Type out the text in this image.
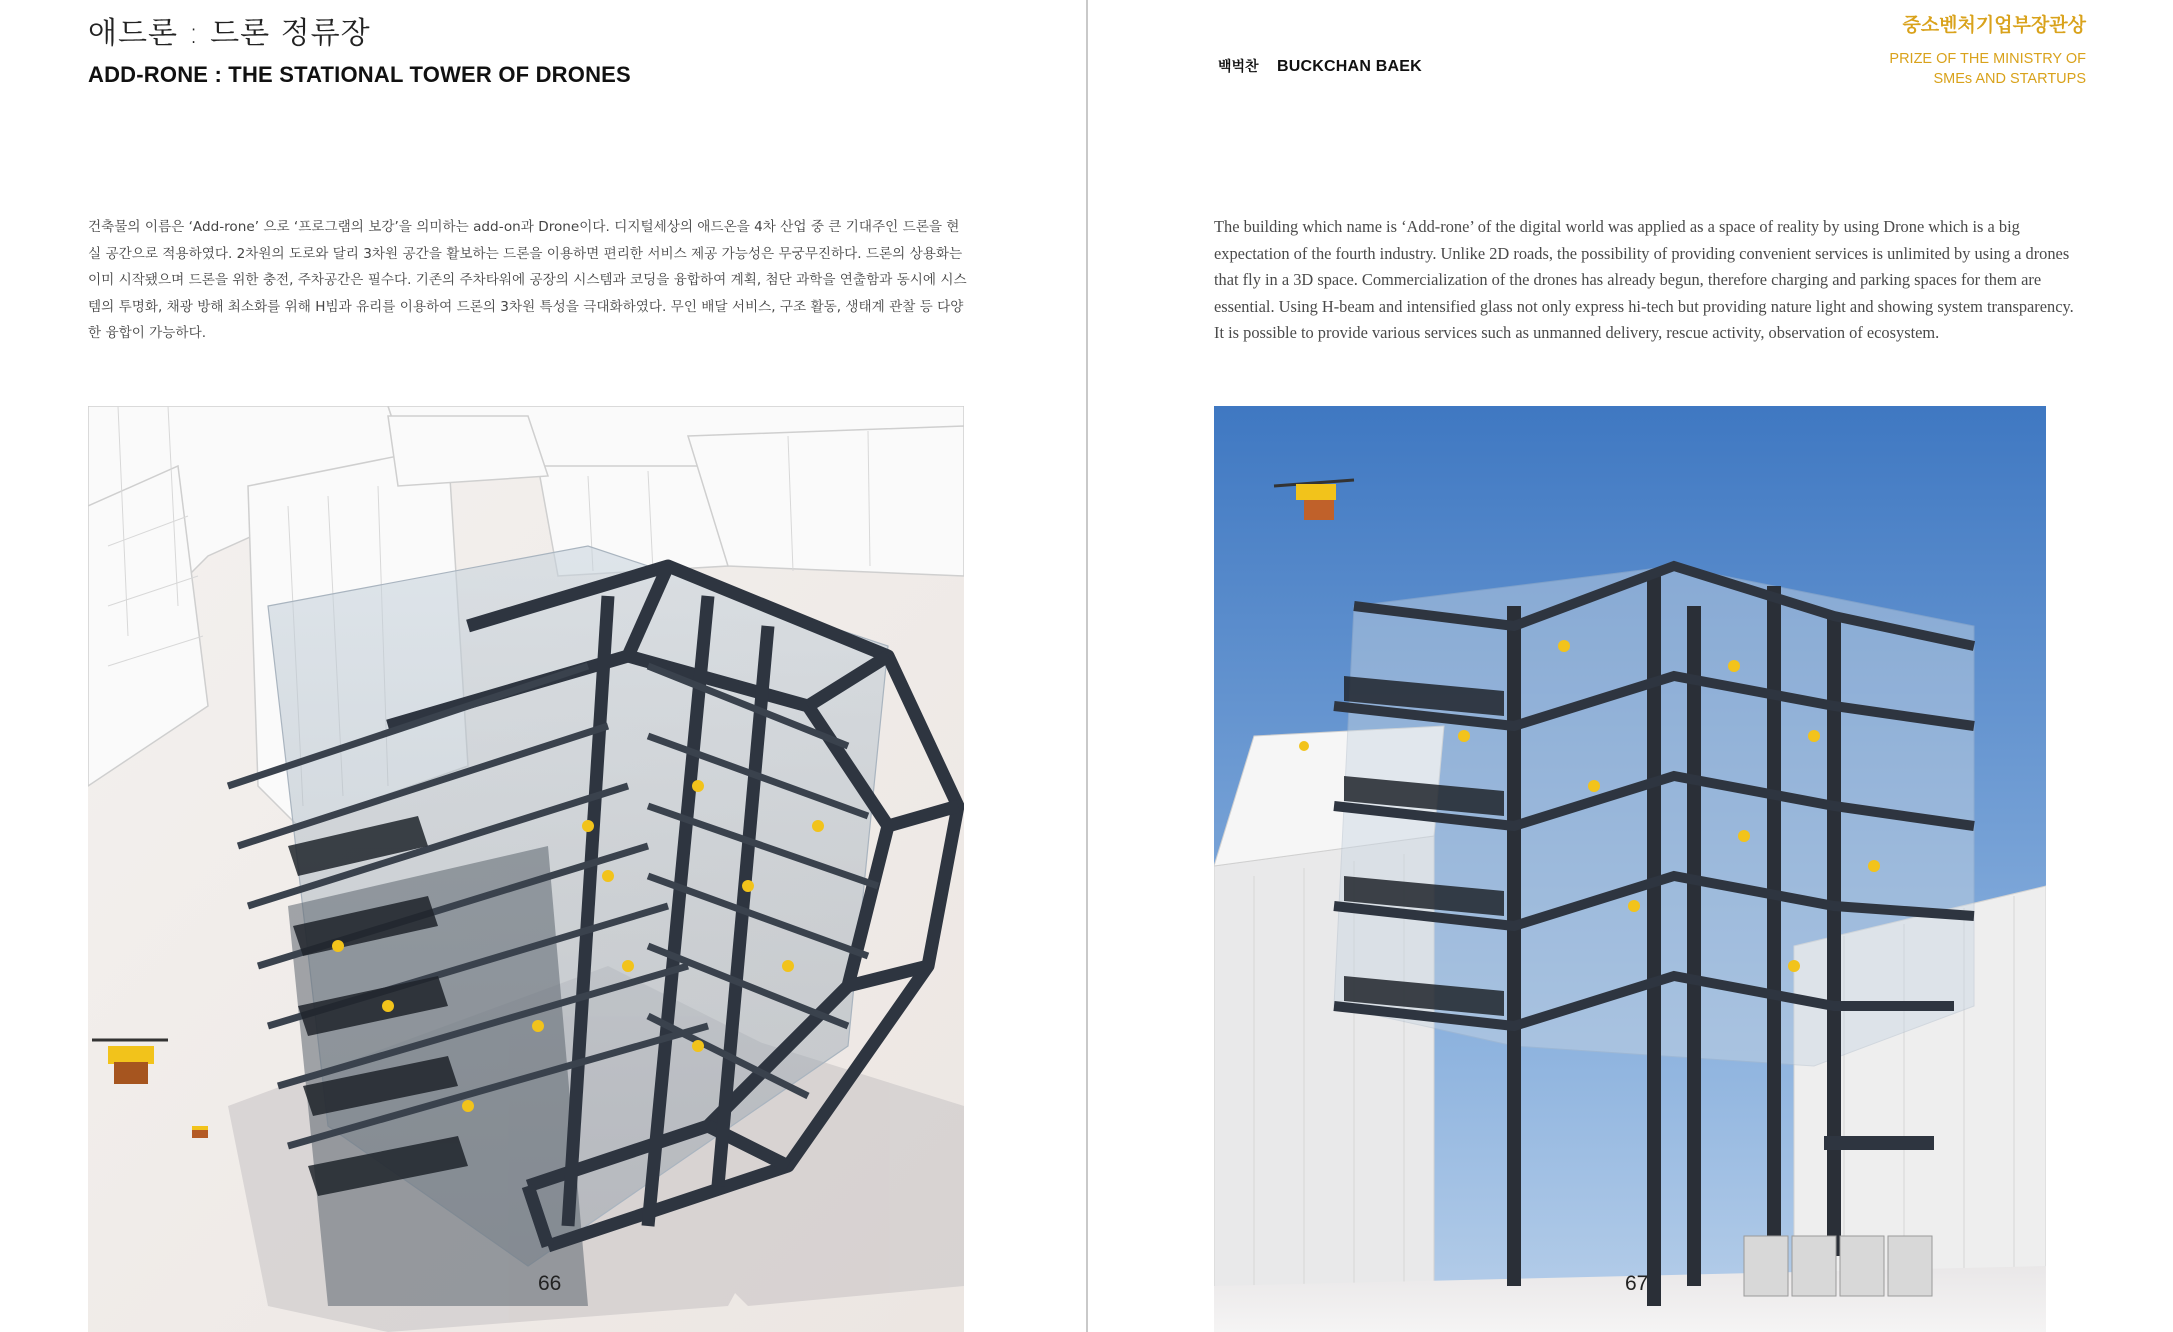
애드론 : 드론 정류장
ADD-RONE : THE STATIONAL TOWER OF DRONES
건축물의 이름은 ‘Add-rone’ 으로 ‘프로그램의 보강’을 의미하는 add-on과 Drone이다. 디지털세상의 애드온을 4차 산업 중 큰 기대주인 드론을 현실 공간으로 적용하였다. 2차원의 도로와 달리 3차원 공간을 활보하는 드론을 이용하면 편리한 서비스 제공 가능성은 무궁무진하다. 드론의 상용화는 이미 시작됐으며 드론을 위한 충전, 주차공간은 필수다. 기존의 주차타워에 공장의 시스템과 코딩을 융합하여 계획, 첨단 과학을 연출함과 동시에 시스템의 투명화, 채광 방해 최소화를 위해 H빔과 유리를 이용하여 드론의 3차원 특성을 극대화하였다. 무인 배달 서비스, 구조 활동, 생태계 관찰 등 다양한 융합이 가능하다.
66
백벅찬 BUCKCHAN BAEK
중소벤처기업부장관상
PRIZE OF THE MINISTRY OF
SMEs AND STARTUPS
The building which name is ‘Add-rone’ of the digital world was applied as a space of reality by using Drone which is a big expectation of the fourth industry. Unlike 2D roads, the possibility of providing convenient services is unlimited by using a drones that fly in a 3D space. Commercialization of the drones has already begun, therefore charging and parking spaces for them are essential. Using H-beam and intensified glass not only express hi-tech but providing nature light and showing system transparency. It is possible to provide various services such as unmanned delivery, rescue activity, observation of ecosystem.
67
